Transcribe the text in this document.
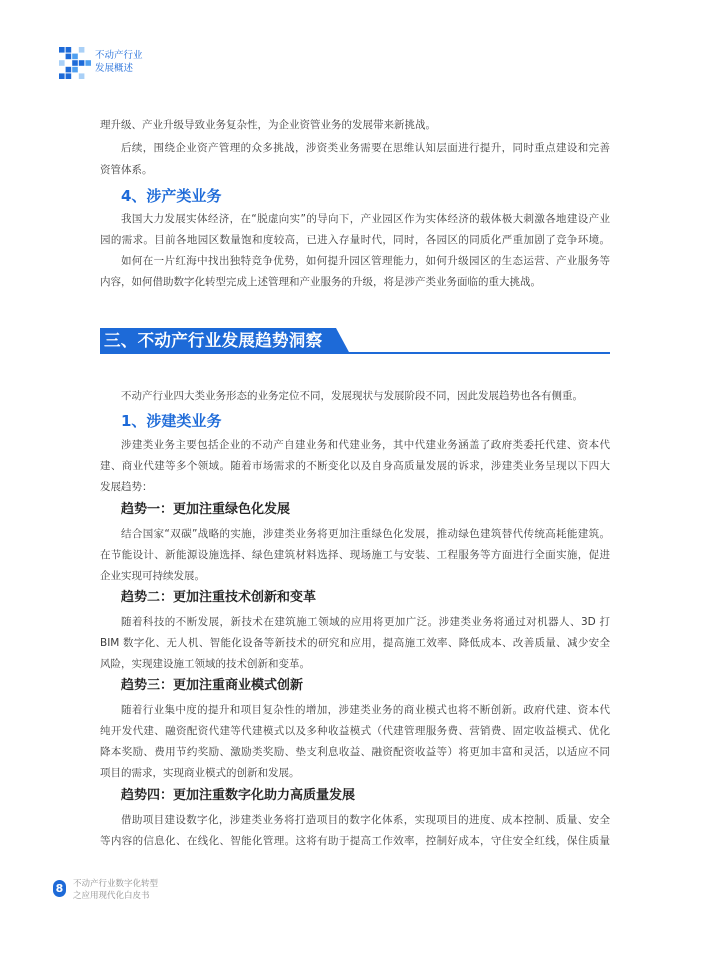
不动产行业
发展概述
理升级、产业升级导致业务复杂性，为企业资管业务的发展带来新挑战。
后续，围绕企业资产管理的众多挑战，涉资类业务需要在思维认知层面进行提升，同时重点建设和完善
资管体系。
4、涉产类业务
我国大力发展实体经济，在“脱虚向实”的导向下，产业园区作为实体经济的载体极大刺激各地建设产业
园的需求。目前各地园区数量饱和度较高，已进入存量时代，同时，各园区的同质化严重加剧了竞争环境。
如何在一片红海中找出独特竞争优势，如何提升园区管理能力，如何升级园区的生态运营、产业服务等
内容，如何借助数字化转型完成上述管理和产业服务的升级，将是涉产类业务面临的重大挑战。
三、不动产行业发展趋势洞察
不动产行业四大类业务形态的业务定位不同，发展现状与发展阶段不同，因此发展趋势也各有侧重。
1、涉建类业务
涉建类业务主要包括企业的不动产自建业务和代建业务，其中代建业务涵盖了政府类委托代建、资本代
建、商业代建等多个领域。随着市场需求的不断变化以及自身高质量发展的诉求，涉建类业务呈现以下四大
发展趋势：
趋势一：更加注重绿色化发展
结合国家“双碳”战略的实施，涉建类业务将更加注重绿色化发展，推动绿色建筑替代传统高耗能建筑。
在节能设计、新能源设施选择、绿色建筑材料选择、现场施工与安装、工程服务等方面进行全面实施，促进
企业实现可持续发展。
趋势二：更加注重技术创新和变革
随着科技的不断发展，新技术在建筑施工领域的应用将更加广泛。涉建类业务将通过对机器人、3D 打
BIM 数字化、无人机、智能化设备等新技术的研究和应用，提高施工效率、降低成本、改善质量、减少安全
风险，实现建设施工领域的技术创新和变革。
趋势三：更加注重商业模式创新
随着行业集中度的提升和项目复杂性的增加，涉建类业务的商业模式也将不断创新。政府代建、资本代
纯开发代建、融资配资代建等代建模式以及多种收益模式（代建管理服务费、营销费、固定收益模式、优化
降本奖励、费用节约奖励、激励类奖励、垫支利息收益、融资配资收益等）将更加丰富和灵活，以适应不同
项目的需求，实现商业模式的创新和发展。
趋势四：更加注重数字化助力高质量发展
借助项目建设数字化，涉建类业务将打造项目的数字化体系，实现项目的进度、成本控制、质量、安全
等内容的信息化、在线化、智能化管理。这将有助于提高工作效率，控制好成本，守住安全红线，保住质量
8	不动产行业数字化转型
之应用现代化白皮书
